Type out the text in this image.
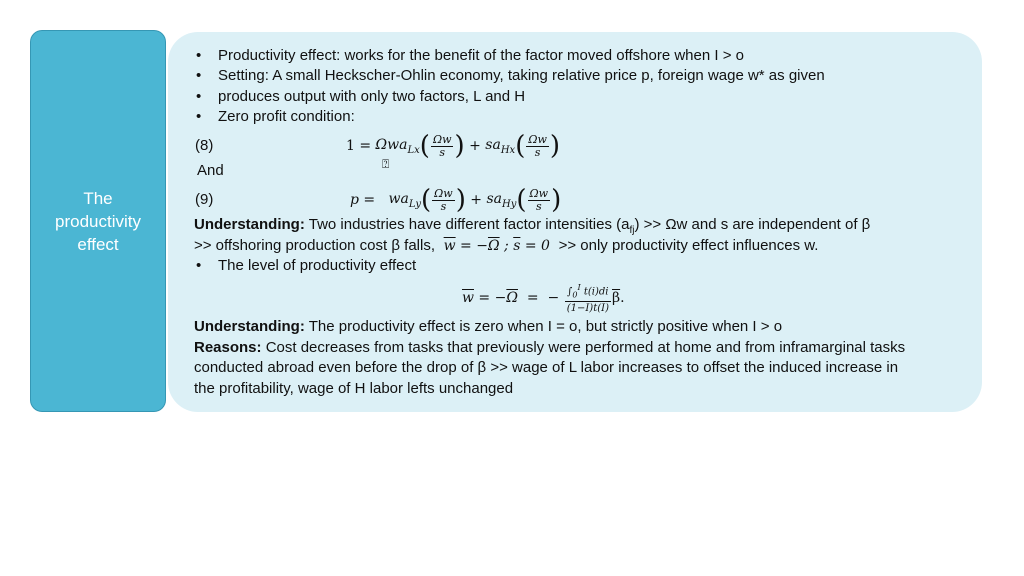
The productivity effect
• Productivity effect: works for the benefit of the factor moved offshore when I > o
• Setting: A small Heckscher-Ohlin economy, taking relative price p, foreign wage w* as given
• produces output with only two factors, L and H
• Zero profit condition:
(8)	1 = Ωwa$_{Lx}$ ( $\frac{\Omega w}{s}$ ) + $sa_{Hx}$ ( $\frac{\Omega w}{s}$ )
⍰
And
(9)	$p = wa_{Ly}$ ( $\frac{\Omega w}{s}$ ) + $sa_{Hy}$ ( $\frac{\Omega w}{s}$ )
Understanding: Two industries have different factor intensities $(a_{fj}) >> \Omega w$ and s are independent of β
>> offshoring production cost β falls, $\overline{w} = -\overline{\Omega}$ ; $\overline{s} = 0$  >> only productivity effect influences w.
• The level of productivity effect
$\overline{w} = -\overline{\Omega}$  =  − $\frac{\int_0^I t(i)di}{(1-I)t(I)} \overline{\beta}$.
Understanding: The productivity effect is zero when I = o, but strictly positive when I > o
Reasons: Cost decreases from tasks that previously were performed at home and from inframarginal tasks
conducted abroad even before the drop of β >> wage of L labor increases to offset the induced increase in
the profitability, wage of H labor lefts unchanged
